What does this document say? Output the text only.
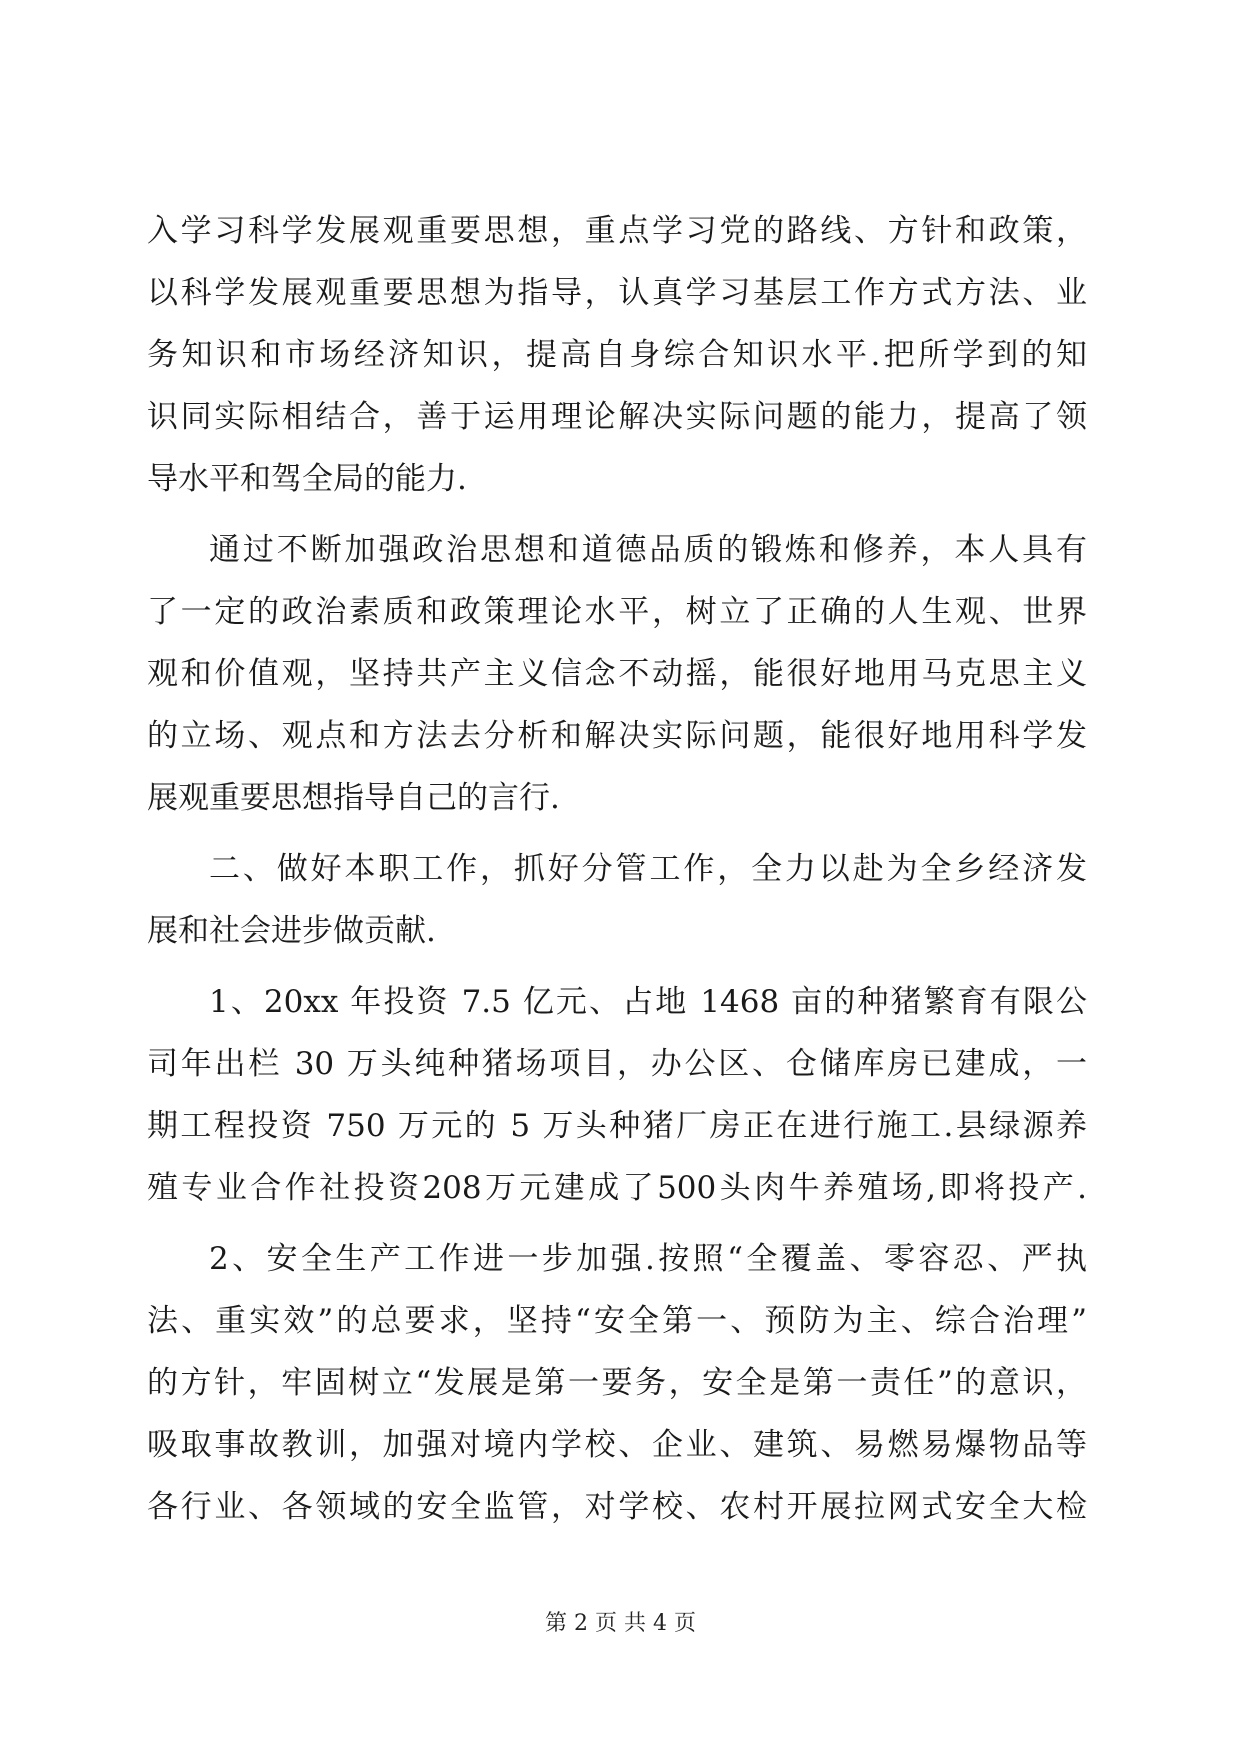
入学习科学发展观重要思想，重点学习党的路线、方针和政策，
以科学发展观重要思想为指导，认真学习基层工作方式方法、业
务知识和市场经济知识，提高自身综合知识水平.把所学到的知
识同实际相结合，善于运用理论解决实际问题的能力，提高了领
导水平和驾全局的能力.
通过不断加强政治思想和道德品质的锻炼和修养，本人具有
了一定的政治素质和政策理论水平，树立了正确的人生观、世界
观和价值观，坚持共产主义信念不动摇，能很好地用马克思主义
的立场、观点和方法去分析和解决实际问题，能很好地用科学发
展观重要思想指导自己的言行.
二、做好本职工作，抓好分管工作，全力以赴为全乡经济发
展和社会进步做贡献.
1、20xx 年投资 7.5 亿元、占地 1468 亩的种猪繁育有限公
司年出栏 30 万头纯种猪场项目，办公区、仓储库房已建成，一
期工程投资 750 万元的 5 万头种猪厂房正在进行施工.县绿源养
殖专业合作社投资208万元建成了500头肉牛养殖场,即将投产.
2、安全生产工作进一步加强.按照“全覆盖、零容忍、严执
法、重实效”的总要求，坚持“安全第一、预防为主、综合治理”
的方针，牢固树立“发展是第一要务，安全是第一责任”的意识，
吸取事故教训，加强对境内学校、企业、建筑、易燃易爆物品等
各行业、各领域的安全监管，对学校、农村开展拉网式安全大检
第 2 页 共 4 页
